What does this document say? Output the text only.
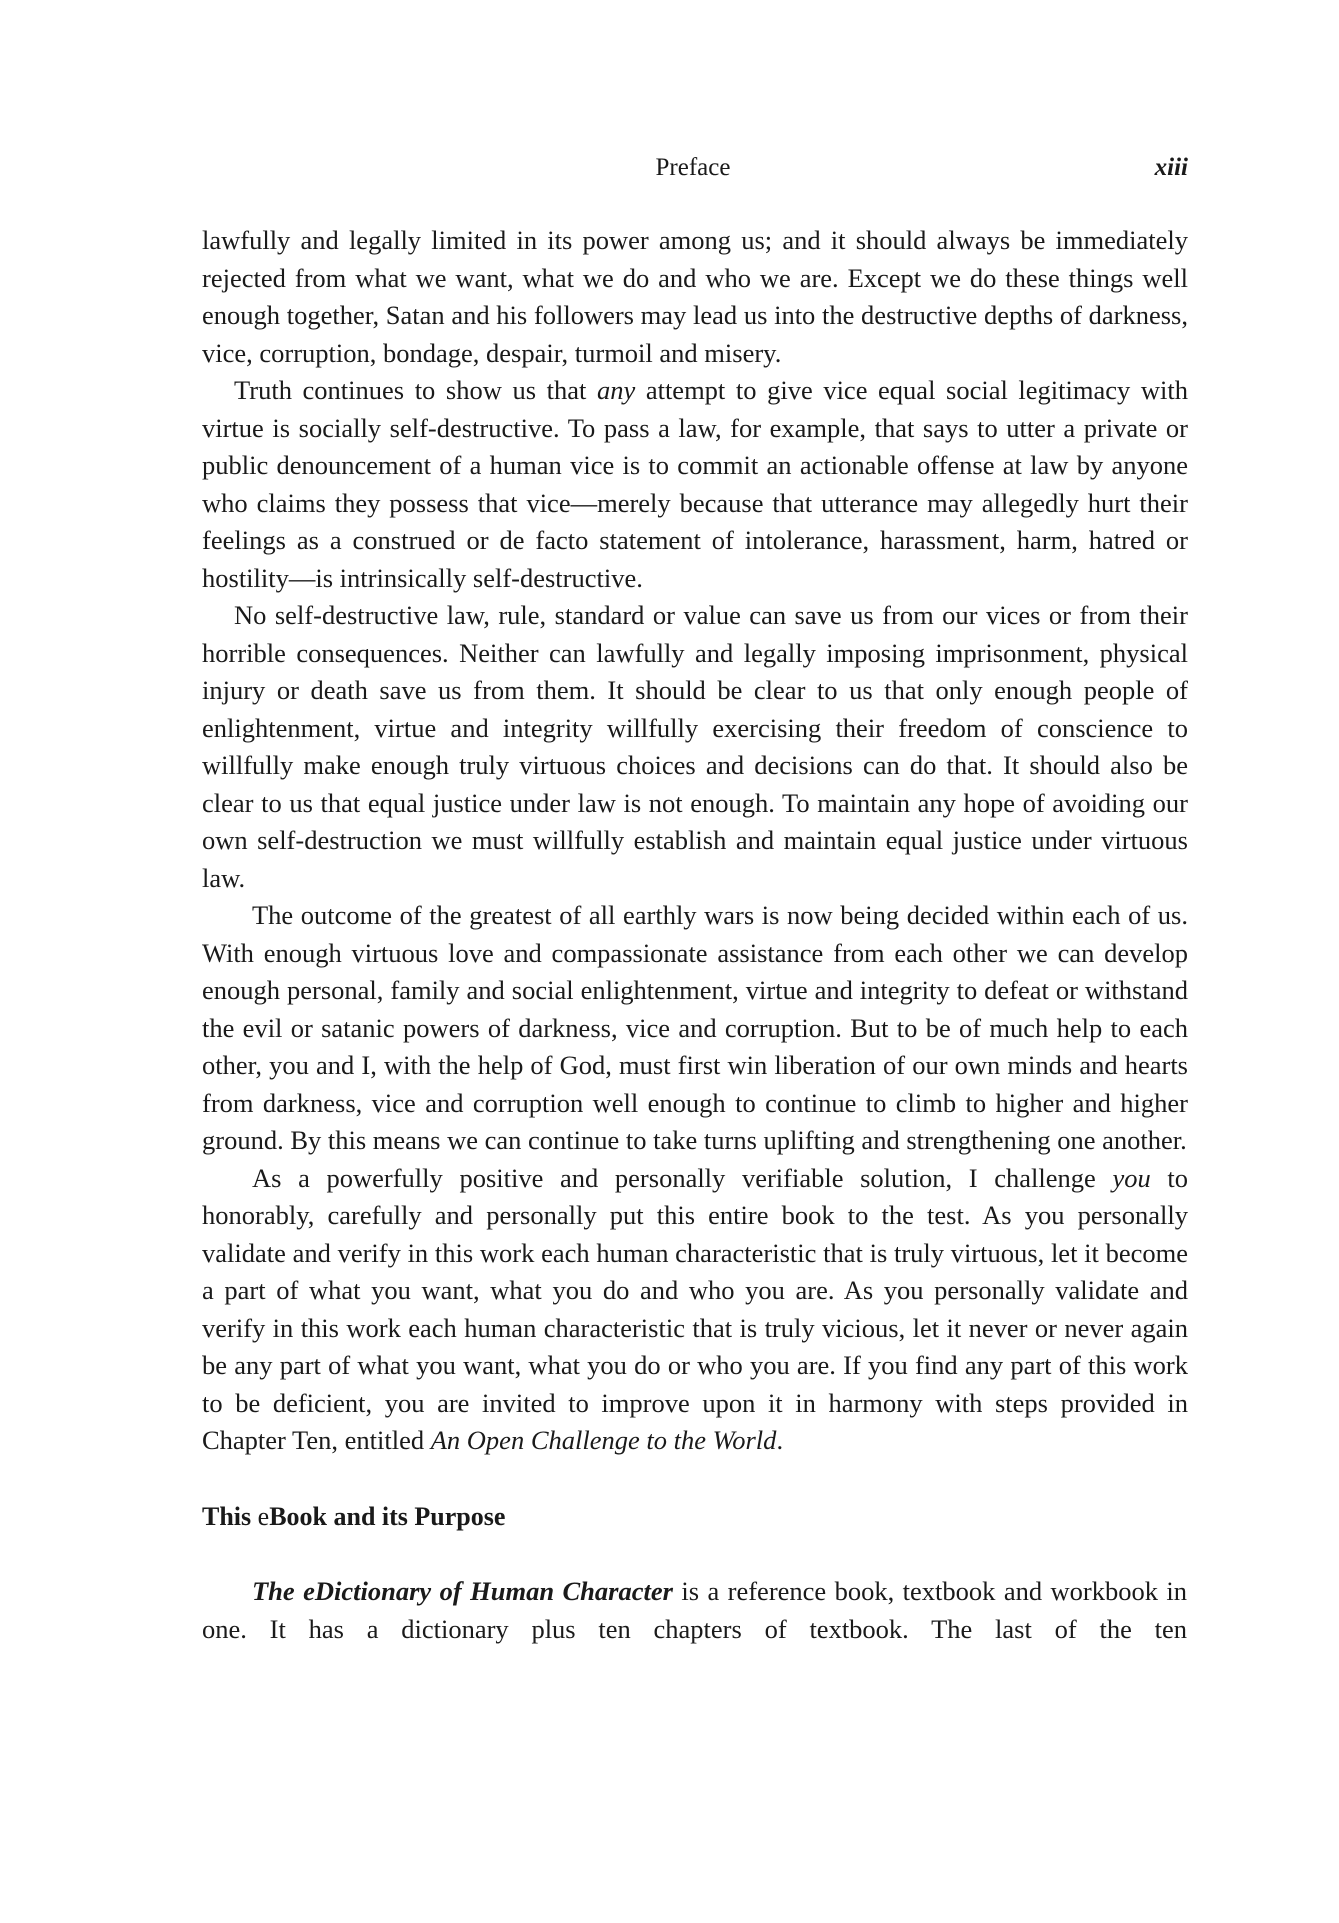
Preface	xiii

lawfully and legally limited in its power among us; and it should always be immediately rejected from what we want, what we do and who we are. Except we do these things well enough together, Satan and his followers may lead us into the destructive depths of darkness, vice, corruption, bondage, despair, turmoil and misery.

Truth continues to show us that any attempt to give vice equal social legitimacy with virtue is socially self-destructive. To pass a law, for example, that says to utter a private or public denouncement of a human vice is to commit an actionable offense at law by anyone who claims they possess that vice—merely because that utterance may allegedly hurt their feelings as a construed or de facto statement of intolerance, harassment, harm, hatred or hostility—is intrinsically self-destructive.

No self-destructive law, rule, standard or value can save us from our vices or from their horrible consequences. Neither can lawfully and legally imposing imprisonment, physical injury or death save us from them. It should be clear to us that only enough people of enlightenment, virtue and integrity willfully exercising their freedom of conscience to willfully make enough truly virtuous choices and decisions can do that. It should also be clear to us that equal justice under law is not enough. To maintain any hope of avoiding our own self-destruction we must willfully establish and maintain equal justice under virtuous law.

The outcome of the greatest of all earthly wars is now being decided within each of us. With enough virtuous love and compassionate assistance from each other we can develop enough personal, family and social enlightenment, virtue and integrity to defeat or withstand the evil or satanic powers of darkness, vice and corruption. But to be of much help to each other, you and I, with the help of God, must first win liberation of our own minds and hearts from darkness, vice and corruption well enough to continue to climb to higher and higher ground. By this means we can continue to take turns uplifting and strengthening one another.

As a powerfully positive and personally verifiable solution, I challenge you to honorably, carefully and personally put this entire book to the test. As you personally validate and verify in this work each human characteristic that is truly virtuous, let it become a part of what you want, what you do and who you are. As you personally validate and verify in this work each human characteristic that is truly vicious, let it never or never again be any part of what you want, what you do or who you are. If you find any part of this work to be deficient, you are invited to improve upon it in harmony with steps provided in Chapter Ten, entitled An Open Challenge to the World.

This eBook and its Purpose

The eDictionary of Human Character is a reference book, textbook and workbook in one. It has a dictionary plus ten chapters of textbook. The last of the ten
